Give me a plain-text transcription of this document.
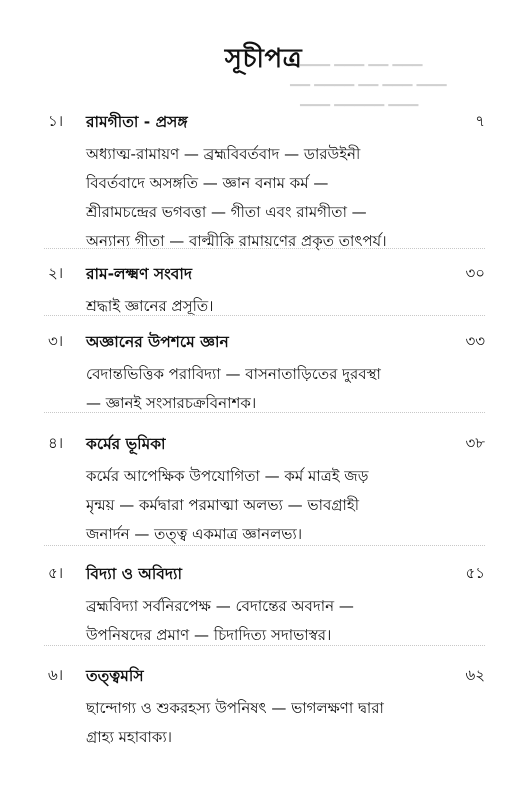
▁▁▁ ▁▁▁ ▁▁ ▁▁▁
▁▁ ▁▁▁▁ ▁▁ ▁▁▁ ▁▁▁
▁▁▁ ▁▁▁▁▁ ▁▁▁
সূচীপত্র
১। রামগীতা - প্রসঙ্গ	৭
অধ্যাত্ম-রামায়ণ — ব্রহ্মবিবর্তবাদ — ডারউইনী
বিবর্তবাদে অসঙ্গতি — জ্ঞান বনাম কর্ম —
শ্রীরামচন্দ্রের ভগবত্তা — গীতা এবং রামগীতা —
অন্যান্য গীতা — বাল্মীকি রামায়ণের প্রকৃত তাৎপর্য।
২। রাম-লক্ষ্মণ সংবাদ	৩০
শ্রদ্ধাই জ্ঞানের প্রসূতি।
৩। অজ্ঞানের উপশমে জ্ঞান	৩৩
বেদান্তভিত্তিক পরাবিদ্যা — বাসনাতাড়িতের দুরবস্থা
— জ্ঞানই সংসারচক্রবিনাশক।
৪। কর্মের ভূমিকা	৩৮
কর্মের আপেক্ষিক উপযোগিতা — কর্ম মাত্রই জড়
মৃন্ময় — কর্মদ্বারা পরমাত্মা অলভ্য — ভাবগ্রাহী
জনার্দন — তত্ত্ব একমাত্র জ্ঞানলভ্য।
৫। বিদ্যা ও অবিদ্যা	৫১
ব্রহ্মবিদ্যা সর্বনিরপেক্ষ — বেদান্তের অবদান —
উপনিষদের প্রমাণ — চিদাদিত্য সদাভাস্বর।
৬। তত্ত্বমসি	৬২
ছান্দোগ্য ও শুকরহস্য উপনিষৎ — ভাগলক্ষণা দ্বারা
গ্রাহ্য মহাবাক্য।
